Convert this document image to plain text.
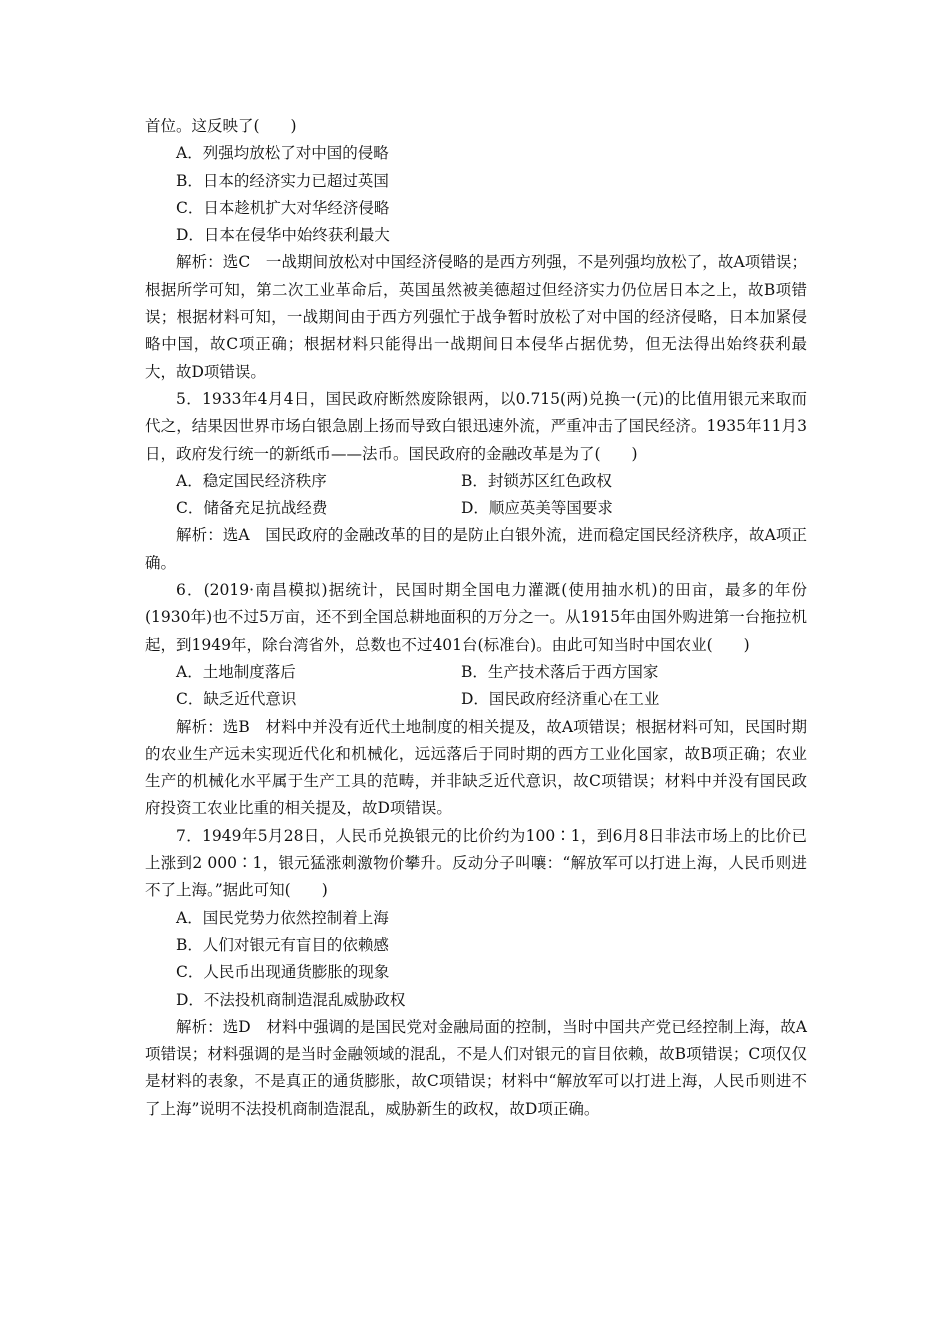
首位。这反映了(　　)

A．列强均放松了对中国的侵略

B．日本的经济实力已超过英国

C．日本趁机扩大对华经济侵略

D．日本在侵华中始终获利最大

解析：选C　一战期间放松对中国经济侵略的是西方列强，不是列强均放松了，故A项错误；根据所学可知，第二次工业革命后，英国虽然被美德超过但经济实力仍位居日本之上，故B项错误；根据材料可知，一战期间由于西方列强忙于战争暂时放松了对中国的经济侵略，日本加紧侵略中国，故C项正确；根据材料只能得出一战期间日本侵华占据优势，但无法得出始终获利最大，故D项错误。

5．1933年4月4日，国民政府断然废除银两，以0.715(两)兑换一(元)的比值用银元来取而代之，结果因世界市场白银急剧上扬而导致白银迅速外流，严重冲击了国民经济。1935年11月3日，政府发行统一的新纸币——法币。国民政府的金融改革是为了(　　)

A．稳定国民经济秩序	B．封锁苏区红色政权
C．储备充足抗战经费	D．顺应英美等国要求

解析：选A　国民政府的金融改革的目的是防止白银外流，进而稳定国民经济秩序，故A项正确。

6．(2019·南昌模拟)据统计，民国时期全国电力灌溉(使用抽水机)的田亩，最多的年份(1930年)也不过5万亩，还不到全国总耕地面积的万分之一。从1915年由国外购进第一台拖拉机起，到1949年，除台湾省外，总数也不过401台(标准台)。由此可知当时中国农业(　　)

A．土地制度落后	B．生产技术落后于西方国家
C．缺乏近代意识	D．国民政府经济重心在工业

解析：选B　材料中并没有近代土地制度的相关提及，故A项错误；根据材料可知，民国时期的农业生产远未实现近代化和机械化，远远落后于同时期的西方工业化国家，故B项正确；农业生产的机械化水平属于生产工具的范畴，并非缺乏近代意识，故C项错误；材料中并没有国民政府投资工农业比重的相关提及，故D项错误。

7．1949年5月28日，人民币兑换银元的比价约为100∶1，到6月8日非法市场上的比价已上涨到2 000∶1，银元猛涨刺激物价攀升。反动分子叫嚷：“解放军可以打进上海，人民币则进不了上海。”据此可知(　　)

A．国民党势力依然控制着上海

B．人们对银元有盲目的依赖感

C．人民币出现通货膨胀的现象

D．不法投机商制造混乱威胁政权

解析：选D　材料中强调的是国民党对金融局面的控制，当时中国共产党已经控制上海，故A项错误；材料强调的是当时金融领域的混乱，不是人们对银元的盲目依赖，故B项错误；C项仅仅是材料的表象，不是真正的通货膨胀，故C项错误；材料中“解放军可以打进上海，人民币则进不了上海”说明不法投机商制造混乱，威胁新生的政权，故D项正确。
